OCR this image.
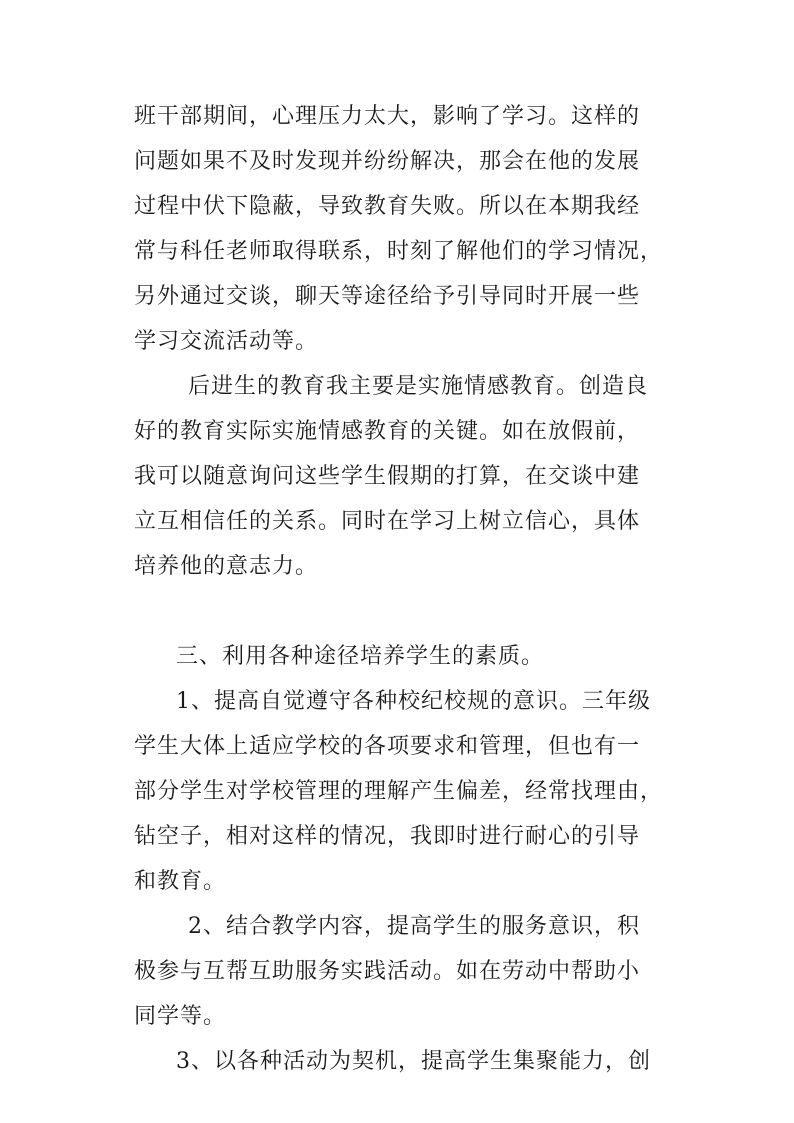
班干部期间，心理压力太大，影响了学习。这样的
问题如果不及时发现并纷纷解决，那会在他的发展
过程中伏下隐蔽，导致教育失败。所以在本期我经
常与科任老师取得联系，时刻了解他们的学习情况，
另外通过交谈，聊天等途径给予引导同时开展一些
学习交流活动等。
后进生的教育我主要是实施情感教育。创造良
好的教育实际实施情感教育的关键。如在放假前，
我可以随意询问这些学生假期的打算，在交谈中建
立互相信任的关系。同时在学习上树立信心，具体
培养他的意志力。
三、利用各种途径培养学生的素质。
1、提高自觉遵守各种校纪校规的意识。三年级
学生大体上适应学校的各项要求和管理，但也有一
部分学生对学校管理的理解产生偏差，经常找理由，
钻空子，相对这样的情况，我即时进行耐心的引导
和教育。
2、结合教学内容，提高学生的服务意识，积
极参与互帮互助服务实践活动。如在劳动中帮助小
同学等。
3、以各种活动为契机，提高学生集聚能力，创
